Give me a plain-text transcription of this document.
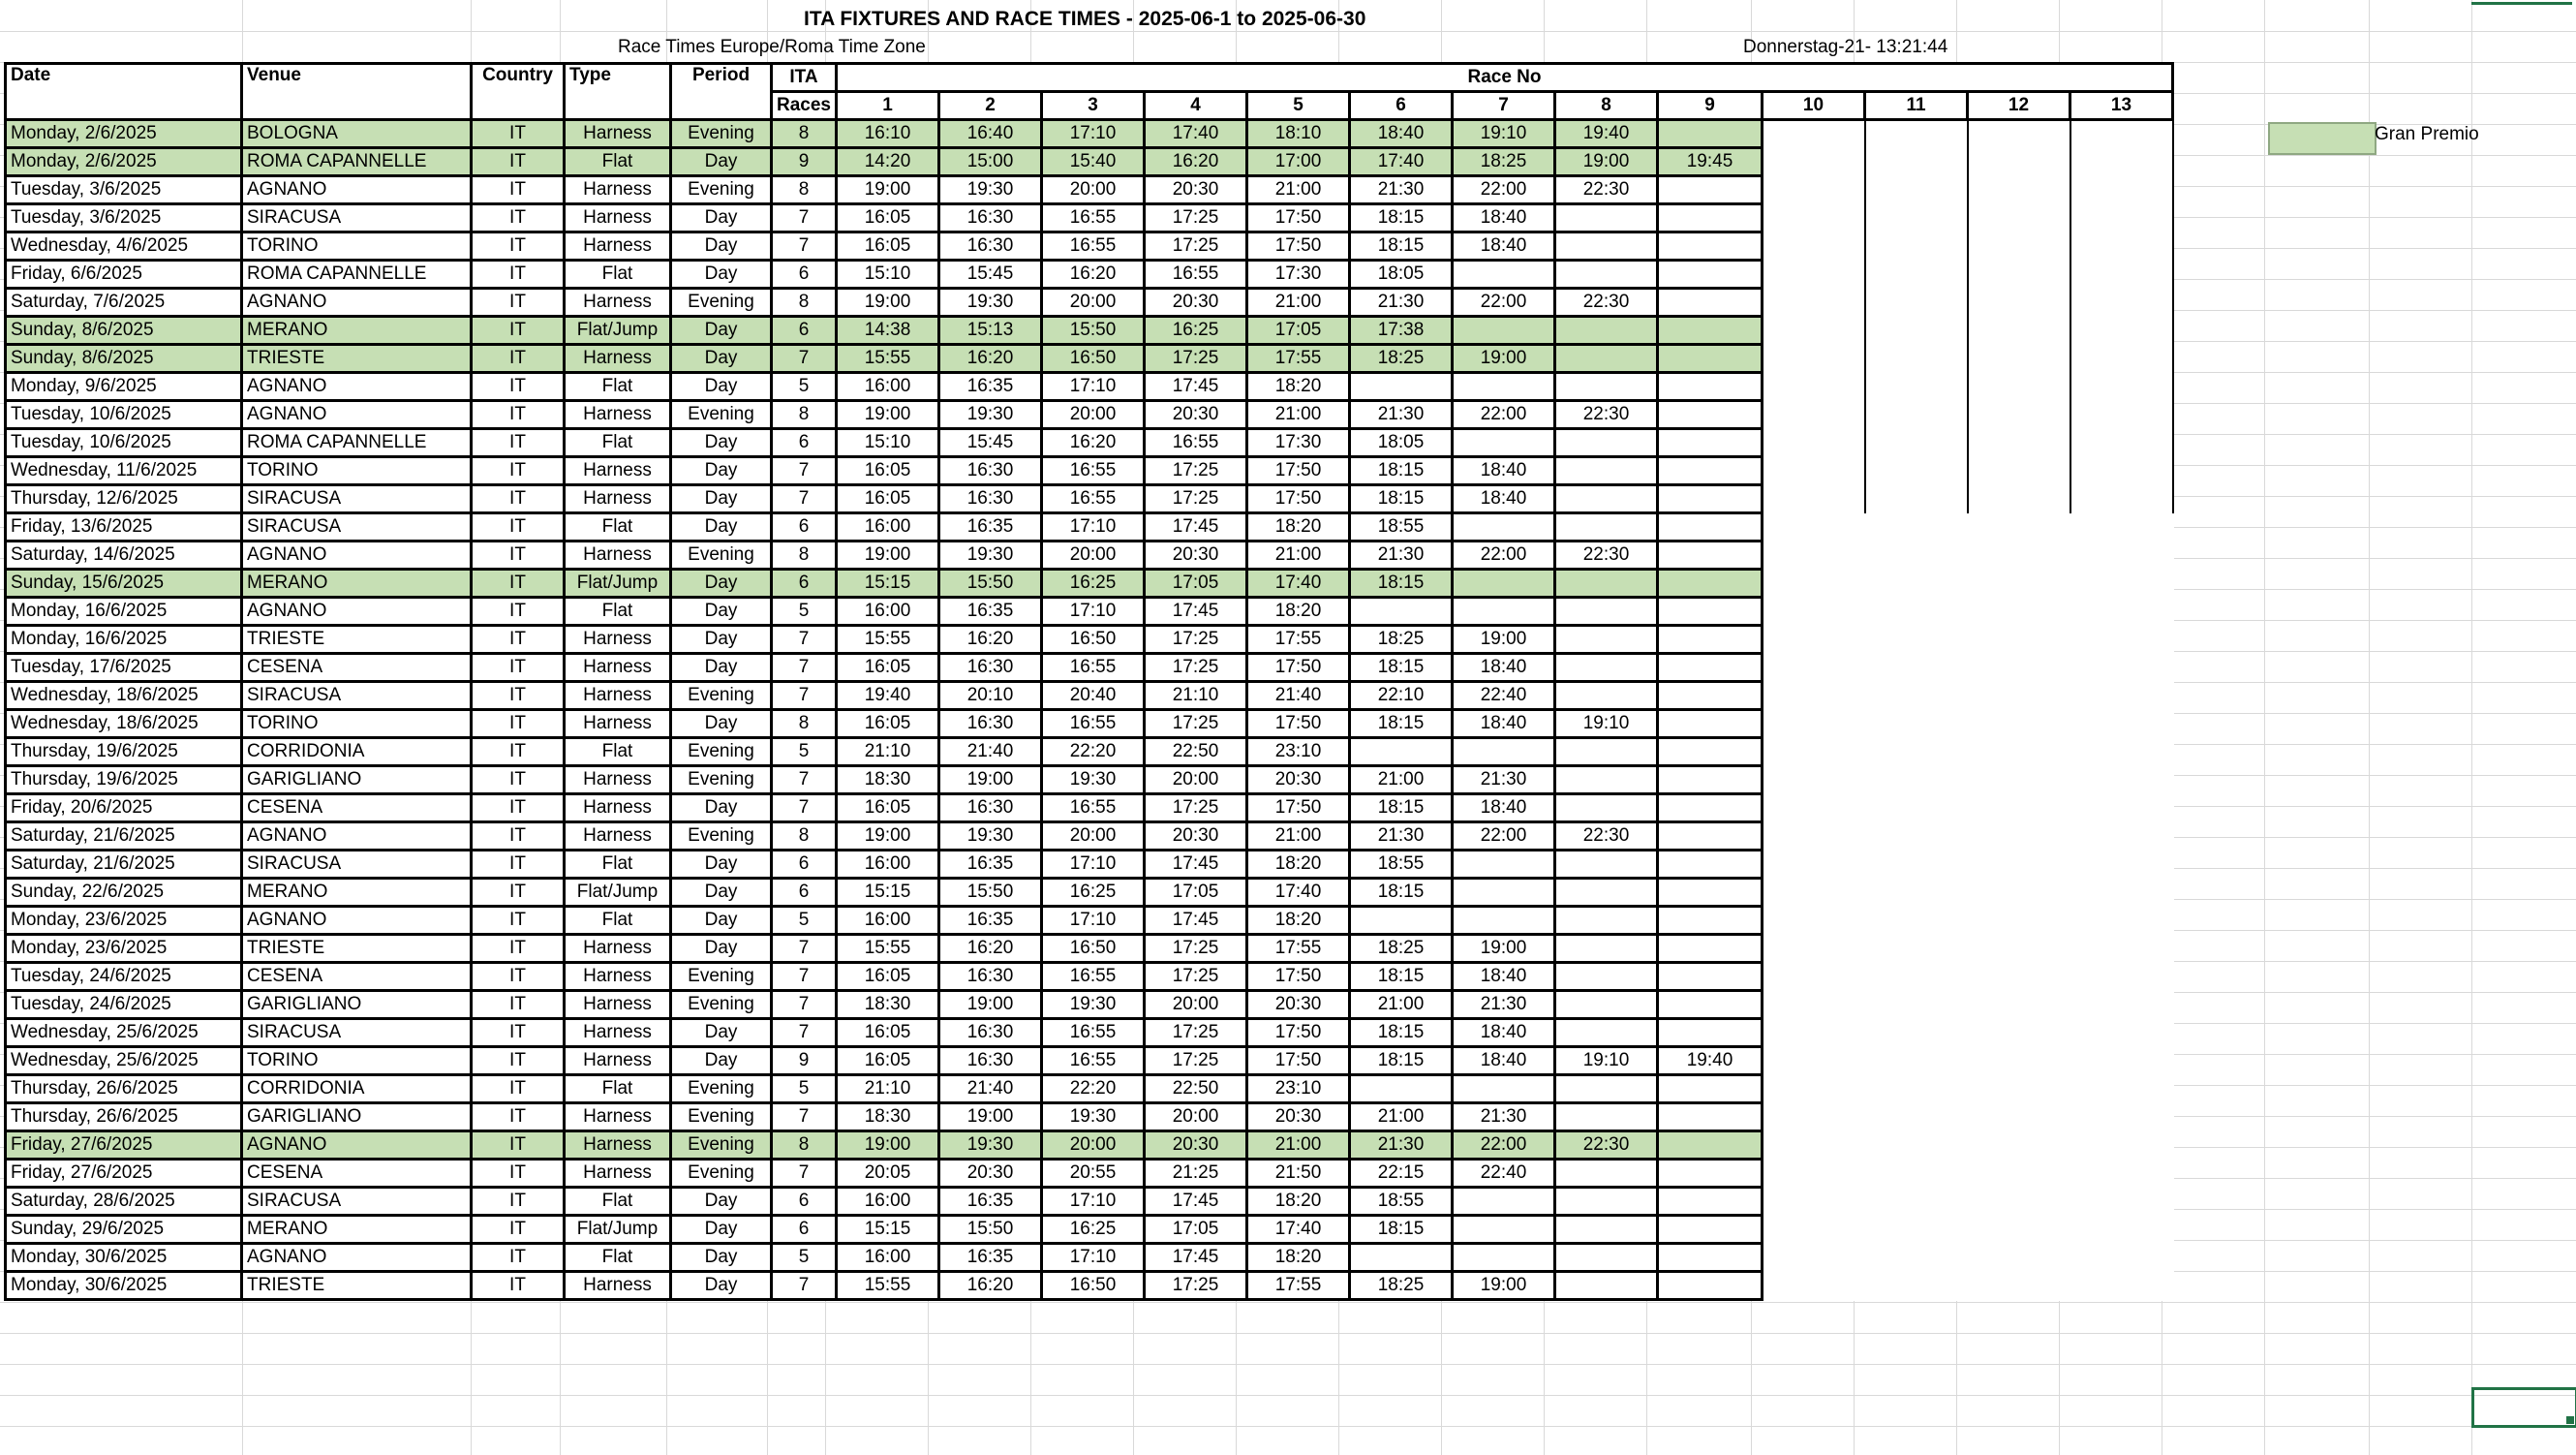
ITA FIXTURES AND RACE TIMES - 2025-06-1 to 2025-06-30
Race Times Europe/Roma Time Zone	Donnerstag-21- 13:21:44
Date	Venue	Country	Type	Period	ITA	Race No												
					Races	1	2	3	4	5	6	7	8	9	10	11	12	13
Monday, 2/6/2025	BOLOGNA	IT	Harness	Evening	8	16:10	16:40	17:10	17:40	18:10	18:40	19:10	19:40					
Monday, 2/6/2025	ROMA CAPANNELLE	IT	Flat	Day	9	14:20	15:00	15:40	16:20	17:00	17:40	18:25	19:00	19:45				
Tuesday, 3/6/2025	AGNANO	IT	Harness	Evening	8	19:00	19:30	20:00	20:30	21:00	21:30	22:00	22:30					
Tuesday, 3/6/2025	SIRACUSA	IT	Harness	Day	7	16:05	16:30	16:55	17:25	17:50	18:15	18:40						
Wednesday, 4/6/2025	TORINO	IT	Harness	Day	7	16:05	16:30	16:55	17:25	17:50	18:15	18:40						
Friday, 6/6/2025	ROMA CAPANNELLE	IT	Flat	Day	6	15:10	15:45	16:20	16:55	17:30	18:05							
Saturday, 7/6/2025	AGNANO	IT	Harness	Evening	8	19:00	19:30	20:00	20:30	21:00	21:30	22:00	22:30					
Sunday, 8/6/2025	MERANO	IT	Flat/Jump	Day	6	14:38	15:13	15:50	16:25	17:05	17:38							
Sunday, 8/6/2025	TRIESTE	IT	Harness	Day	7	15:55	16:20	16:50	17:25	17:55	18:25	19:00						
Monday, 9/6/2025	AGNANO	IT	Flat	Day	5	16:00	16:35	17:10	17:45	18:20								
Tuesday, 10/6/2025	AGNANO	IT	Harness	Evening	8	19:00	19:30	20:00	20:30	21:00	21:30	22:00	22:30					
Tuesday, 10/6/2025	ROMA CAPANNELLE	IT	Flat	Day	6	15:10	15:45	16:20	16:55	17:30	18:05							
Wednesday, 11/6/2025	TORINO	IT	Harness	Day	7	16:05	16:30	16:55	17:25	17:50	18:15	18:40						
Thursday, 12/6/2025	SIRACUSA	IT	Harness	Day	7	16:05	16:30	16:55	17:25	17:50	18:15	18:40						
Friday, 13/6/2025	SIRACUSA	IT	Flat	Day	6	16:00	16:35	17:10	17:45	18:20	18:55							
Saturday, 14/6/2025	AGNANO	IT	Harness	Evening	8	19:00	19:30	20:00	20:30	21:00	21:30	22:00	22:30					
Sunday, 15/6/2025	MERANO	IT	Flat/Jump	Day	6	15:15	15:50	16:25	17:05	17:40	18:15							
Monday, 16/6/2025	AGNANO	IT	Flat	Day	5	16:00	16:35	17:10	17:45	18:20								
Monday, 16/6/2025	TRIESTE	IT	Harness	Day	7	15:55	16:20	16:50	17:25	17:55	18:25	19:00						
Tuesday, 17/6/2025	CESENA	IT	Harness	Day	7	16:05	16:30	16:55	17:25	17:50	18:15	18:40						
Wednesday, 18/6/2025	SIRACUSA	IT	Harness	Evening	7	19:40	20:10	20:40	21:10	21:40	22:10	22:40						
Wednesday, 18/6/2025	TORINO	IT	Harness	Day	8	16:05	16:30	16:55	17:25	17:50	18:15	18:40	19:10					
Thursday, 19/6/2025	CORRIDONIA	IT	Flat	Evening	5	21:10	21:40	22:20	22:50	23:10								
Thursday, 19/6/2025	GARIGLIANO	IT	Harness	Evening	7	18:30	19:00	19:30	20:00	20:30	21:00	21:30						
Friday, 20/6/2025	CESENA	IT	Harness	Day	7	16:05	16:30	16:55	17:25	17:50	18:15	18:40						
Saturday, 21/6/2025	AGNANO	IT	Harness	Evening	8	19:00	19:30	20:00	20:30	21:00	21:30	22:00	22:30					
Saturday, 21/6/2025	SIRACUSA	IT	Flat	Day	6	16:00	16:35	17:10	17:45	18:20	18:55							
Sunday, 22/6/2025	MERANO	IT	Flat/Jump	Day	6	15:15	15:50	16:25	17:05	17:40	18:15							
Monday, 23/6/2025	AGNANO	IT	Flat	Day	5	16:00	16:35	17:10	17:45	18:20								
Monday, 23/6/2025	TRIESTE	IT	Harness	Day	7	15:55	16:20	16:50	17:25	17:55	18:25	19:00						
Tuesday, 24/6/2025	CESENA	IT	Harness	Evening	7	16:05	16:30	16:55	17:25	17:50	18:15	18:40						
Tuesday, 24/6/2025	GARIGLIANO	IT	Harness	Evening	7	18:30	19:00	19:30	20:00	20:30	21:00	21:30						
Wednesday, 25/6/2025	SIRACUSA	IT	Harness	Day	7	16:05	16:30	16:55	17:25	17:50	18:15	18:40						
Wednesday, 25/6/2025	TORINO	IT	Harness	Day	9	16:05	16:30	16:55	17:25	17:50	18:15	18:40	19:10	19:40				
Thursday, 26/6/2025	CORRIDONIA	IT	Flat	Evening	5	21:10	21:40	22:20	22:50	23:10								
Thursday, 26/6/2025	GARIGLIANO	IT	Harness	Evening	7	18:30	19:00	19:30	20:00	20:30	21:00	21:30						
Friday, 27/6/2025	AGNANO	IT	Harness	Evening	8	19:00	19:30	20:00	20:30	21:00	21:30	22:00	22:30					
Friday, 27/6/2025	CESENA	IT	Harness	Evening	7	20:05	20:30	20:55	21:25	21:50	22:15	22:40						
Saturday, 28/6/2025	SIRACUSA	IT	Flat	Day	6	16:00	16:35	17:10	17:45	18:20	18:55							
Sunday, 29/6/2025	MERANO	IT	Flat/Jump	Day	6	15:15	15:50	16:25	17:05	17:40	18:15							
Monday, 30/6/2025	AGNANO	IT	Flat	Day	5	16:00	16:35	17:10	17:45	18:20								
Monday, 30/6/2025	TRIESTE	IT	Harness	Day	7	15:55	16:20	16:50	17:25	17:55	18:25	19:00						
Gran Premio
